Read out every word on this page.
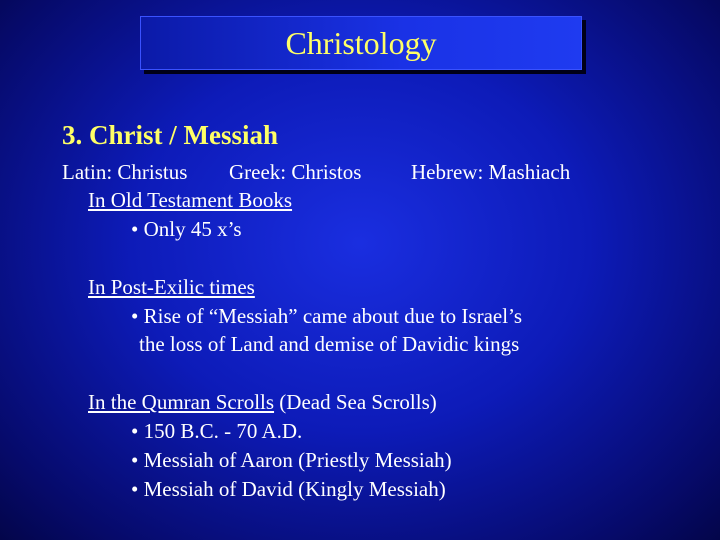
Christology
3. Christ / Messiah
Latin: Christus Greek: Christos Hebrew: Mashiach
In Old Testament Books
• Only 45 x’s
In Post-Exilic times
• Rise of “Messiah” came about due to Israel’s
the loss of Land and demise of Davidic kings
In the Qumran Scrolls (Dead Sea Scrolls)
• 150 B.C. - 70 A.D.
• Messiah of Aaron (Priestly Messiah)
• Messiah of David (Kingly Messiah)
